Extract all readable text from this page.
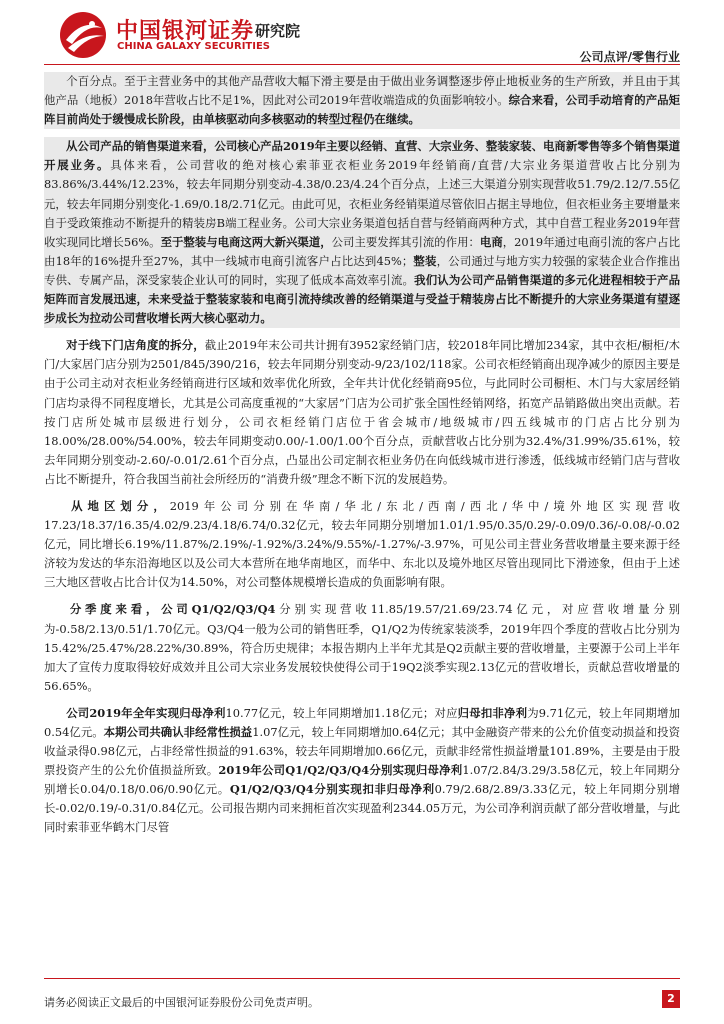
中国银河证券
CHINA GALAXY SECURITIES
研究院
公司点评/零售行业

个百分点。至于主营业务中的其他产品营收大幅下滑主要是由于做出业务调整逐步停止地板业务的生产所致，并且由于其他产品（地板）2018年营收占比不足1%，因此对公司2019年营收端造成的负面影响较小。综合来看，公司手动培育的产品矩阵目前尚处于缓慢成长阶段，由单核驱动向多核驱动的转型过程仍在继续。

从公司产品的销售渠道来看，公司核心产品2019年主要以经销、直营、大宗业务、整装家装、电商新零售等多个销售渠道开展业务。具体来看，公司营收的绝对核心索菲亚衣柜业务2019年经销商/直营/大宗业务渠道营收占比分别为83.86%/3.44%/12.23%，较去年同期分别变动-4.38/0.23/4.24个百分点，上述三大渠道分别实现营收51.79/2.12/7.55亿元，较去年同期分别变化-1.69/0.18/2.71亿元。由此可见，衣柜业务经销渠道尽管依旧占据主导地位，但衣柜业务主要增量来自于受政策推动不断提升的精装房B端工程业务。公司大宗业务渠道包括自营与经销商两种方式，其中自营工程业务2019年营收实现同比增长56%。至于整装与电商这两大新兴渠道，公司主要发挥其引流的作用：电商，2019年通过电商引流的客户占比由18年的16%提升至27%，其中一线城市电商引流客户占比达到45%；整装，公司通过与地方实力较强的家装企业合作推出专供、专属产品，深受家装企业认可的同时，实现了低成本高效率引流。我们认为公司产品销售渠道的多元化进程相较于产品矩阵而言发展迅速，未来受益于整装家装和电商引流持续改善的经销渠道与受益于精装房占比不断提升的大宗业务渠道有望逐步成长为拉动公司营收增长两大核心驱动力。

对于线下门店角度的拆分，截止2019年末公司共计拥有3952家经销门店，较2018年同比增加234家，其中衣柜/橱柜/木门/大家居门店分别为2501/845/390/216，较去年同期分别变动-9/23/102/118家。公司衣柜经销商出现净减少的原因主要是由于公司主动对衣柜业务经销商进行区域和效率优化所致，全年共计优化经销商95位，与此同时公司橱柜、木门与大家居经销门店均录得不同程度增长，尤其是公司高度重视的“大家居”门店为公司扩张全国性经销网络，拓宽产品销路做出突出贡献。若按门店所处城市层级进行划分，公司衣柜经销门店位于省会城市/地级城市/四五线城市的门店占比分别为18.00%/28.00%/54.00%，较去年同期变动0.00/-1.00/1.00个百分点，贡献营收占比分别为32.4%/31.99%/35.61%，较去年同期分别变动-2.60/-0.01/2.61个百分点，凸显出公司定制衣柜业务仍在向低线城市进行渗透，低线城市经销门店与营收占比不断提升，符合我国当前社会所经历的“消费升级”理念不断下沉的发展趋势。

从地区划分，2019年公司分别在华南/华北/东北/西南/西北/华中/境外地区实现营收17.23/18.37/16.35/4.02/9.23/4.18/6.74/0.32亿元，较去年同期分别增加1.01/1.95/0.35/0.29/-0.09/0.36/-0.08/-0.02亿元，同比增长6.19%/11.87%/2.19%/-1.92%/3.24%/9.55%/-1.27%/-3.97%，可见公司主营业务营收增量主要来源于经济较为发达的华东沿海地区以及公司大本营所在地华南地区，而华中、东北以及境外地区尽管出现同比下滑迹象，但由于上述三大地区营收占比合计仅为14.50%，对公司整体规模增长造成的负面影响有限。

分季度来看，公司Q1/Q2/Q3/Q4分别实现营收11.85/19.57/21.69/23.74亿元，对应营收增量分别为-0.58/2.13/0.51/1.70亿元。Q3/Q4一般为公司的销售旺季，Q1/Q2为传统家装淡季，2019年四个季度的营收占比分别为15.42%/25.47%/28.22%/30.89%，符合历史规律；本报告期内上半年尤其是Q2贡献主要的营收增量，主要源于公司上半年加大了宣传力度取得较好成效并且公司大宗业务发展较快使得公司于19Q2淡季实现2.13亿元的营收增长，贡献总营收增量的56.65%。

公司2019年全年实现归母净利10.77亿元，较上年同期增加1.18亿元；对应归母扣非净利为9.71亿元，较上年同期增加0.54亿元。本期公司共确认非经常性损益1.07亿元，较上年同期增加0.64亿元；其中金融资产带来的公允价值变动损益和投资收益录得0.98亿元，占非经常性损益的91.63%，较去年同期增加0.66亿元，贡献非经常性损益增量101.89%，主要是由于股票投资产生的公允价值损益所致。2019年公司Q1/Q2/Q3/Q4分别实现归母净利1.07/2.84/3.29/3.58亿元，较上年同期分别增长0.04/0.18/0.06/0.90亿元。Q1/Q2/Q3/Q4分别实现扣非归母净利0.79/2.68/2.89/3.33亿元，较上年同期分别增长-0.02/0.19/-0.31/0.84亿元。公司报告期内司来拥柜首次实现盈利2344.05万元，为公司净利润贡献了部分营收增量，与此同时索菲亚华鹤木门尽管

请务必阅读正文最后的中国银河证券股份公司免责声明。	2
